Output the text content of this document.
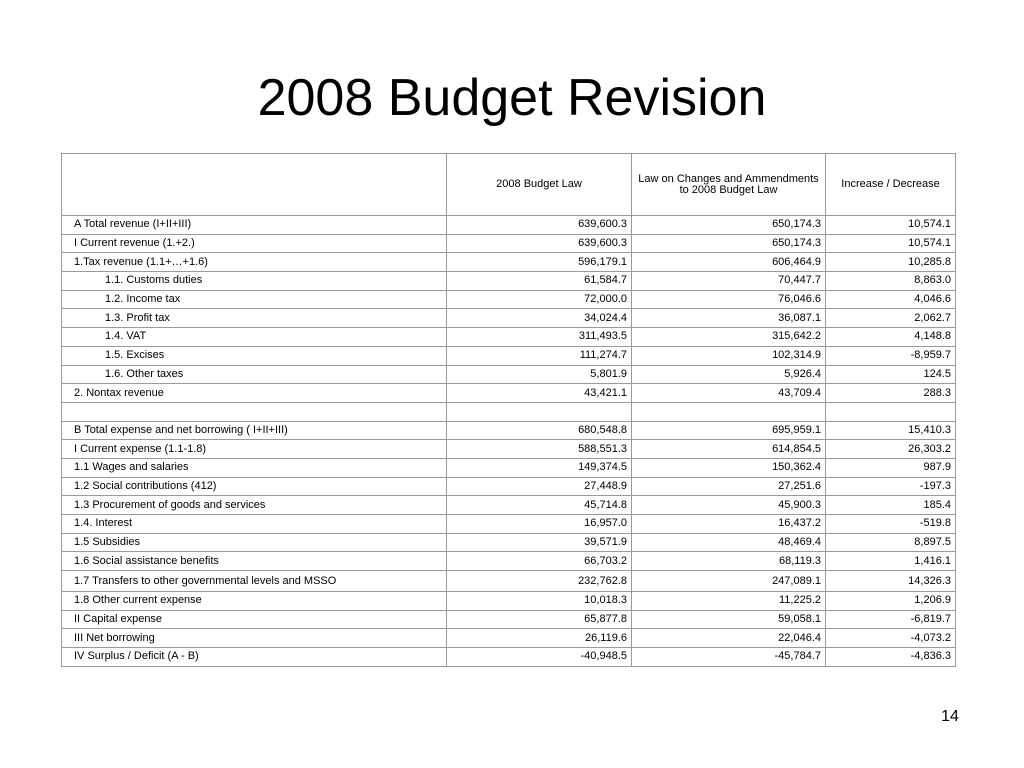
2008 Budget Revision
	2008 Budget Law	Law on Changes and Ammendments to 2008 Budget Law	Increase / Decrease
A Total revenue (I+II+III)	639,600.3	650,174.3	10,574.1
I Current revenue (1.+2.)	639,600.3	650,174.3	10,574.1
1.Tax revenue (1.1+…+1.6)	596,179.1	606,464.9	10,285.8
1.1. Customs duties	61,584.7	70,447.7	8,863.0
1.2. Income tax	72,000.0	76,046.6	4,046.6
1.3. Profit tax	34,024.4	36,087.1	2,062.7
1.4. VAT	311,493.5	315,642.2	4,148.8
1.5. Excises	111,274.7	102,314.9	-8,959.7
1.6. Other taxes	5,801.9	5,926.4	124.5
2. Nontax revenue	43,421.1	43,709.4	288.3

B Total expense and net borrowing ( I+II+III)	680,548.8	695,959.1	15,410.3
I Current expense (1.1-1.8)	588,551.3	614,854.5	26,303.2
1.1 Wages and salaries	149,374.5	150,362.4	987.9
1.2 Social contributions (412)	27,448.9	27,251.6	-197.3
1.3 Procurement of goods and services	45,714.8	45,900.3	185.4
1.4. Interest	16,957.0	16,437.2	-519.8
1.5 Subsidies	39,571.9	48,469.4	8,897.5
1.6 Social assistance benefits	66,703.2	68,119.3	1,416.1
1.7 Transfers to other governmental levels and MSSO	232,762.8	247,089.1	14,326.3
1.8 Other current expense	10,018.3	11,225.2	1,206.9
II Capital expense	65,877.8	59,058.1	-6,819.7
III Net borrowing	26,119.6	22,046.4	-4,073.2
IV Surplus / Deficit (A - B)	-40,948.5	-45,784.7	-4,836.3
14
